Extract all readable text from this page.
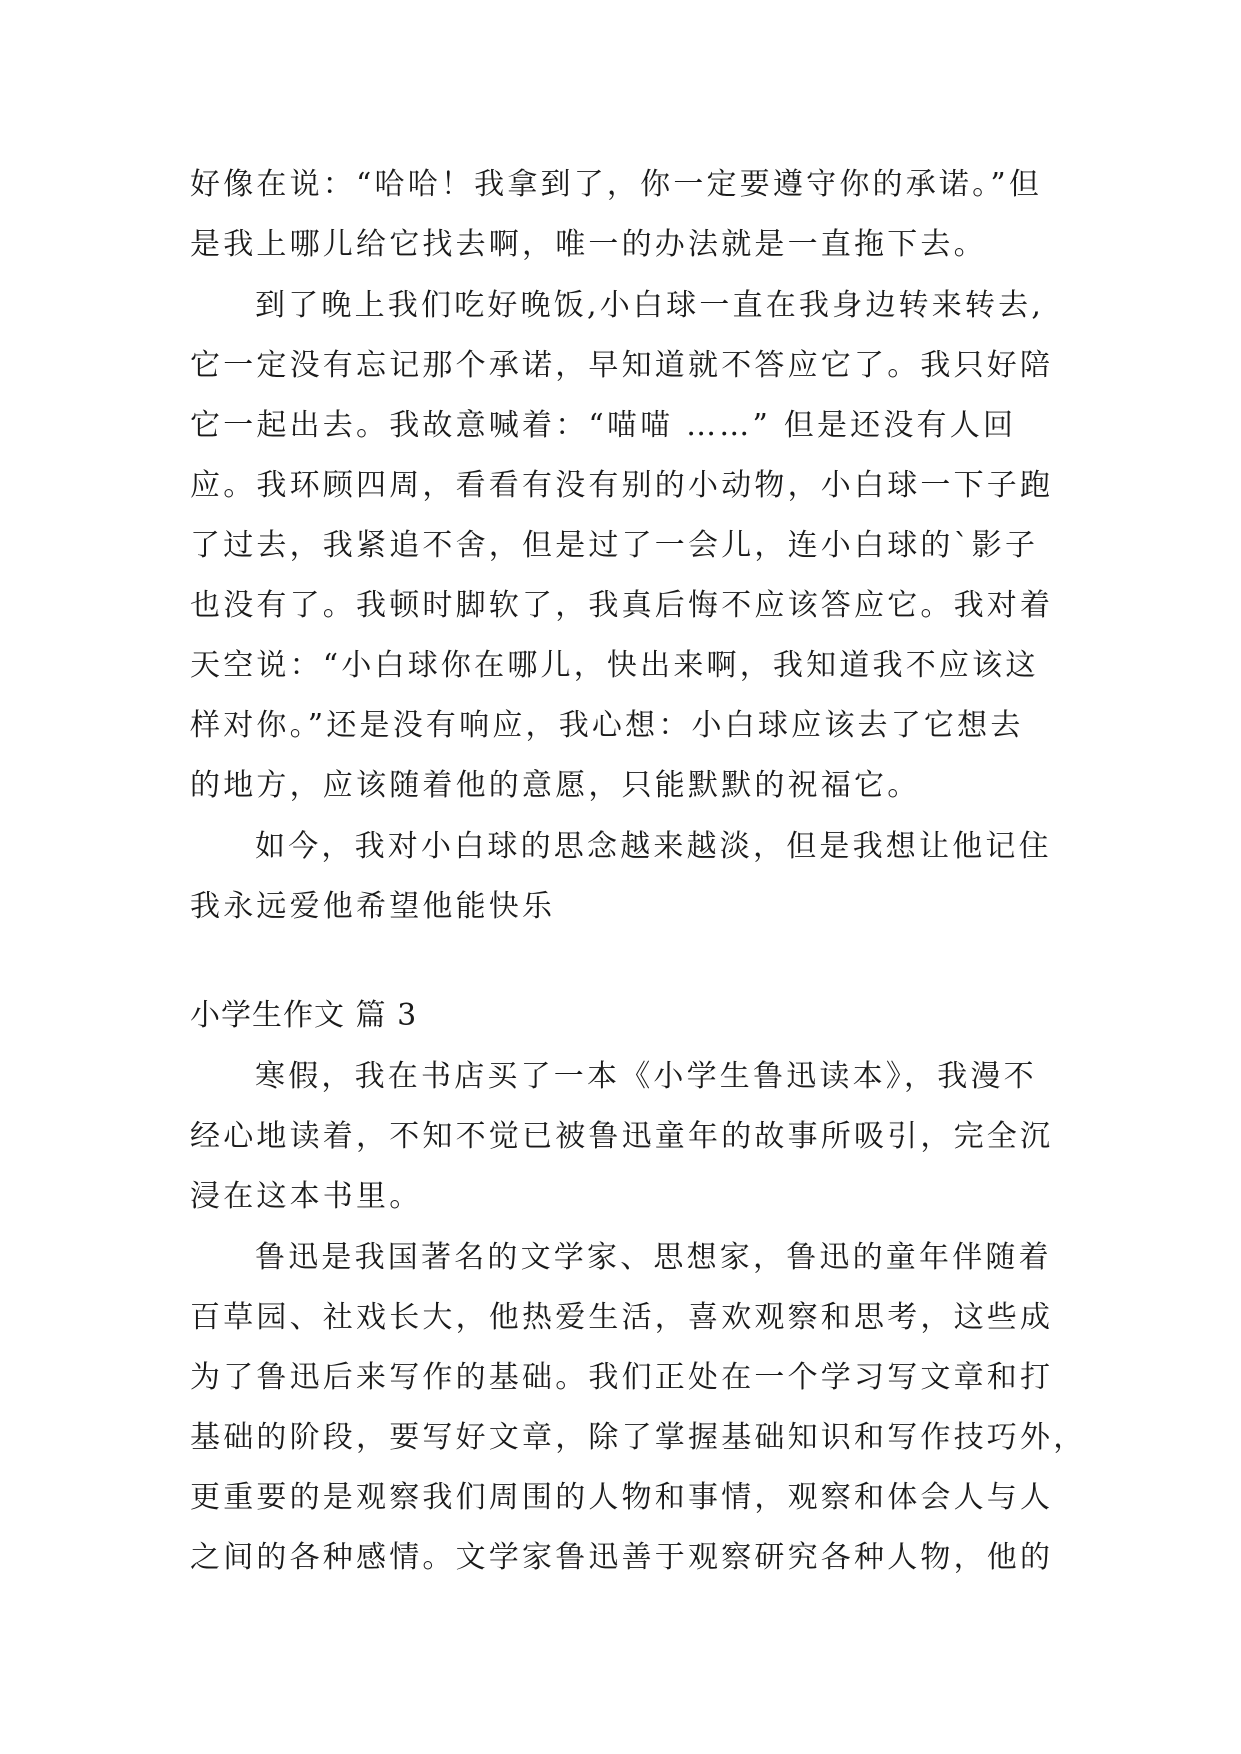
好像在说：“哈哈！我拿到了，你一定要遵守你的承诺。”但
是我上哪儿给它找去啊，唯一的办法就是一直拖下去。
到了晚上我们吃好晚饭,小白球一直在我身边转来转去,
它一定没有忘记那个承诺，早知道就不答应它了。我只好陪
它一起出去。我故意喊着：“喵喵 ……” 但是还没有人回
应。我环顾四周，看看有没有别的小动物，小白球一下子跑
了过去，我紧追不舍，但是过了一会儿，连小白球的`影子
也没有了。我顿时脚软了，我真后悔不应该答应它。我对着
天空说：“小白球你在哪儿，快出来啊，我知道我不应该这
样对你。”还是没有响应，我心想：小白球应该去了它想去
的地方，应该随着他的意愿，只能默默的祝福它。
如今，我对小白球的思念越来越淡，但是我想让他记住
我永远爱他希望他能快乐
小学生作文 篇 3
寒假，我在书店买了一本《小学生鲁迅读本》，我漫不
经心地读着，不知不觉已被鲁迅童年的故事所吸引，完全沉
浸在这本书里。
鲁迅是我国著名的文学家、思想家，鲁迅的童年伴随着
百草园、社戏长大，他热爱生活，喜欢观察和思考，这些成
为了鲁迅后来写作的基础。我们正处在一个学习写文章和打
基础的阶段，要写好文章，除了掌握基础知识和写作技巧外，
更重要的是观察我们周围的人物和事情，观察和体会人与人
之间的各种感情。文学家鲁迅善于观察研究各种人物，他的
